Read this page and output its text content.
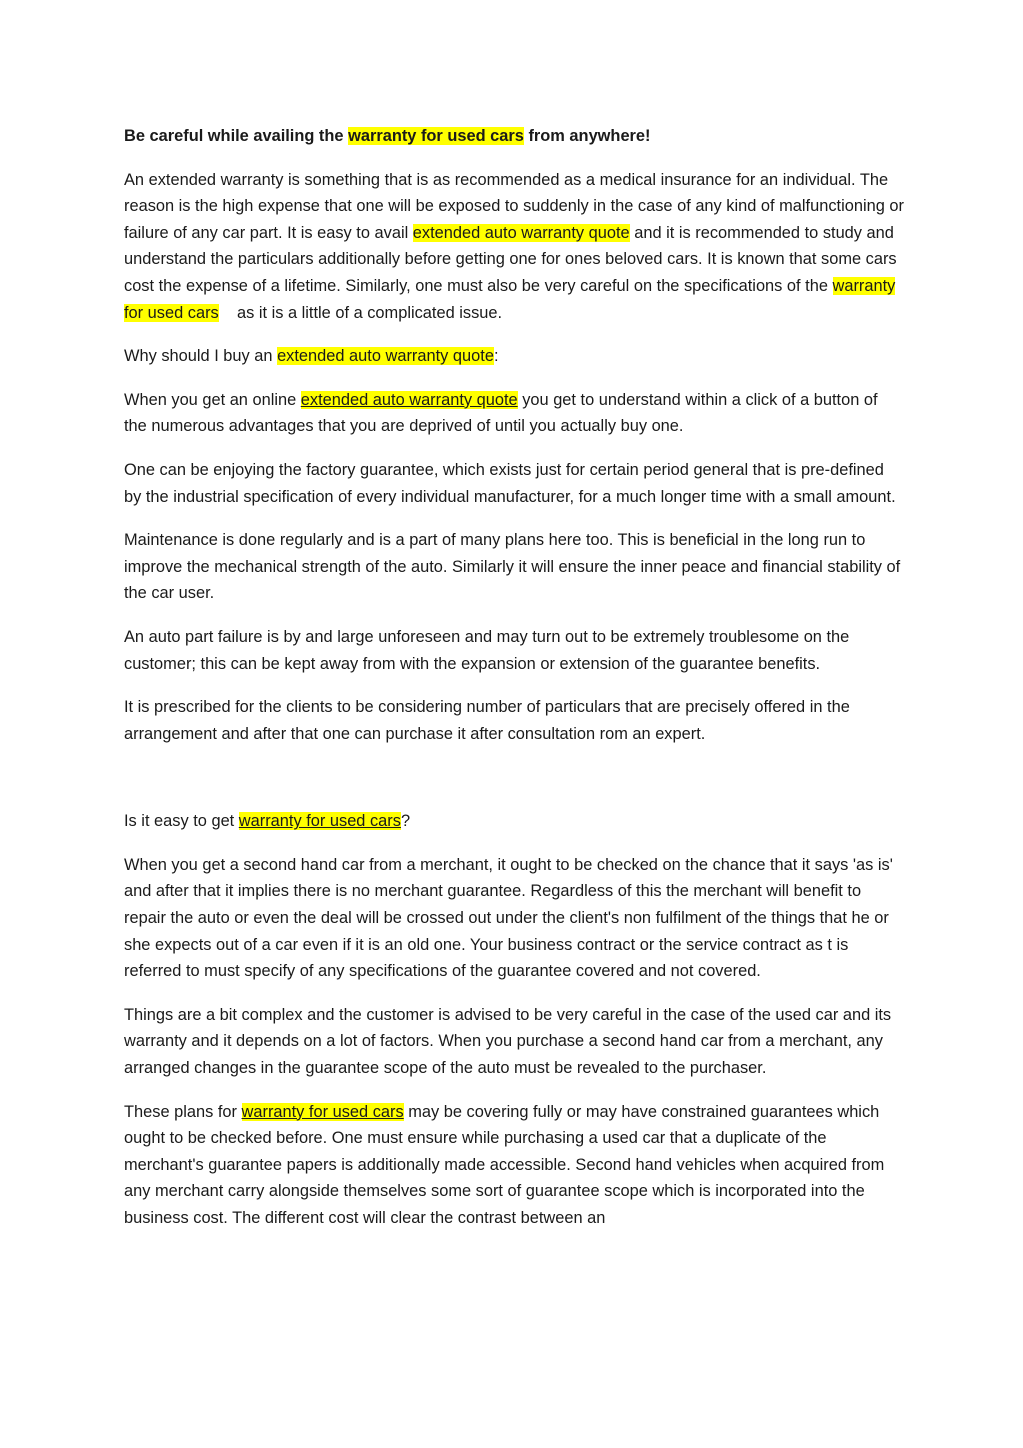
Be careful while availing the warranty for used cars from anywhere!

An extended warranty is something that is as recommended as a medical insurance for an individual. The reason is the high expense that one will be exposed to suddenly in the case of any kind of malfunctioning or failure of any car part. It is easy to avail extended auto warranty quote and it is recommended to study and understand the particulars additionally before getting one for ones beloved cars. It is known that some cars cost the expense of a lifetime. Similarly, one must also be very careful on the specifications of the warranty for used cars    as it is a little of a complicated issue.

Why should I buy an extended auto warranty quote:

When you get an online extended auto warranty quote you get to understand within a click of a button of the numerous advantages that you are deprived of until you actually buy one.

One can be enjoying the factory guarantee, which exists just for certain period general that is pre-defined by the industrial specification of every individual manufacturer, for a much longer time with a small amount.

Maintenance is done regularly and is a part of many plans here too. This is beneficial in the long run to improve the mechanical strength of the auto. Similarly it will ensure the inner peace and financial stability of the car user.

An auto part failure is by and large unforeseen and may turn out to be extremely troublesome on the customer; this can be kept away from with the expansion or extension of the guarantee benefits.

It is prescribed for the clients to be considering number of particulars that are precisely offered in the arrangement and after that one can purchase it after consultation rom an expert.

Is it easy to get warranty for used cars?

When you get a second hand car from a merchant, it ought to be checked on the chance that it says 'as is' and after that it implies there is no merchant guarantee. Regardless of this the merchant will benefit to repair the auto or even the deal will be crossed out under the client's non fulfilment of the things that he or she expects out of a car even if it is an old one. Your business contract or the service contract as t is referred to must specify of any specifications of the guarantee covered and not covered.

Things are a bit complex and the customer is advised to be very careful in the case of the used car and its warranty and it depends on a lot of factors. When you purchase a second hand car from a merchant, any arranged changes in the guarantee scope of the auto must be revealed to the purchaser.

These plans for warranty for used cars may be covering fully or may have constrained guarantees which ought to be checked before. One must ensure while purchasing a used car that a duplicate of the merchant's guarantee papers is additionally made accessible. Second hand vehicles when acquired from any merchant carry alongside themselves some sort of guarantee scope which is incorporated into the business cost. The different cost will clear the contrast between an
